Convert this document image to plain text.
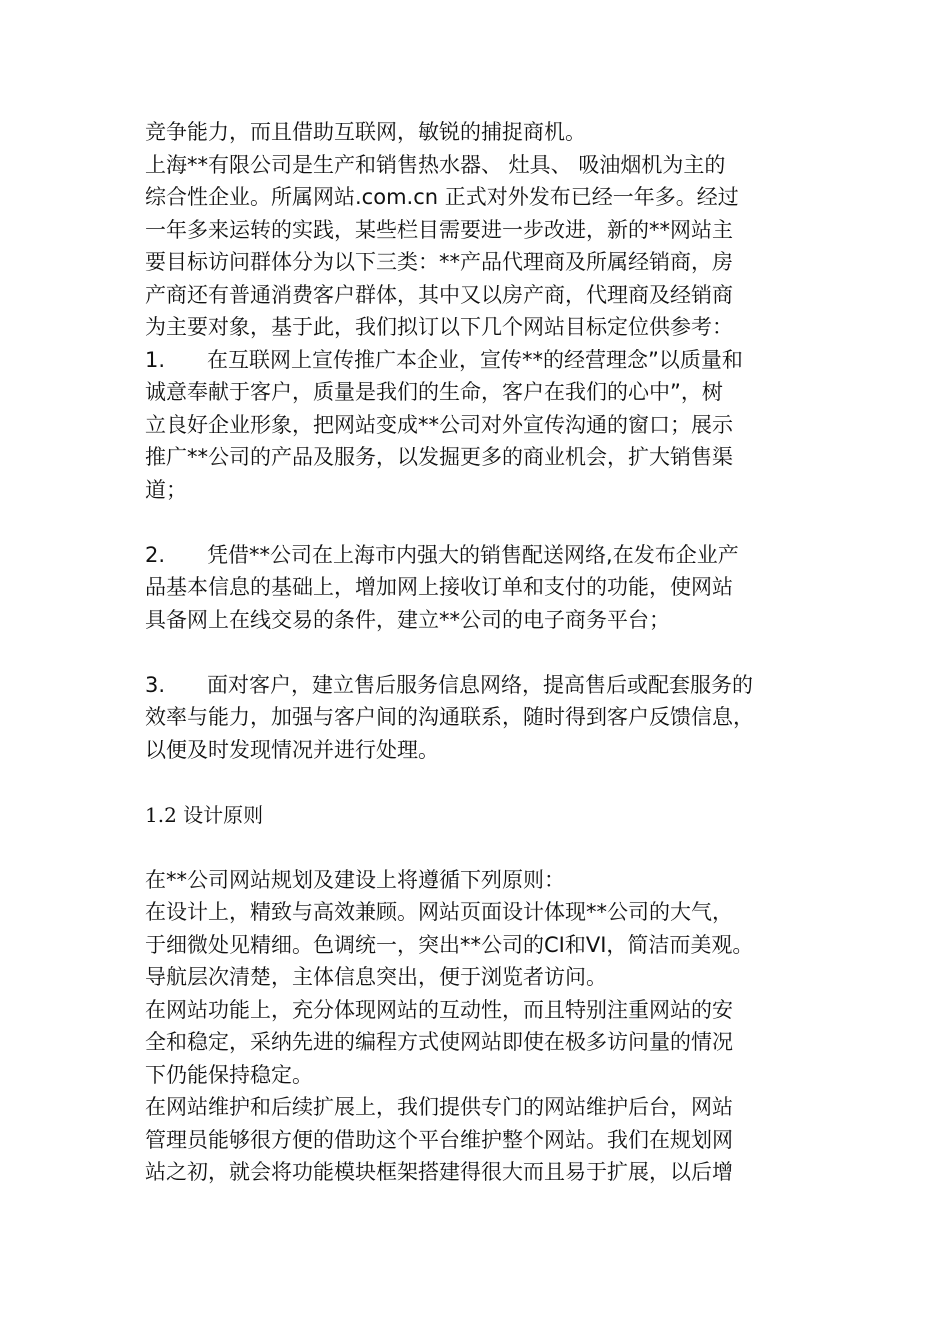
竞争能力，而且借助互联网，敏锐的捕捉商机。
上海**有限公司是生产和销售热水器、 灶具、 吸油烟机为主的
综合性企业。所属网站.com.cn 正式对外发布已经一年多。经过
一年多来运转的实践，某些栏目需要进一步改进，新的**网站主
要目标访问群体分为以下三类：**产品代理商及所属经销商，房
产商还有普通消费客户群体，其中又以房产商，代理商及经销商
为主要对象，基于此，我们拟订以下几个网站目标定位供参考：
1.　　在互联网上宣传推广本企业，宣传**的经营理念”以质量和
诚意奉献于客户，质量是我们的生命，客户在我们的心中”，树
立良好企业形象，把网站变成**公司对外宣传沟通的窗口；展示
推广**公司的产品及服务，以发掘更多的商业机会，扩大销售渠
道；
2.　　凭借**公司在上海市内强大的销售配送网络,在发布企业产
品基本信息的基础上，增加网上接收订单和支付的功能，使网站
具备网上在线交易的条件，建立**公司的电子商务平台；
3.　　面对客户，建立售后服务信息网络，提高售后或配套服务的
效率与能力，加强与客户间的沟通联系，随时得到客户反馈信息，
以便及时发现情况并进行处理。
1.2 设计原则
在**公司网站规划及建设上将遵循下列原则：
在设计上，精致与高效兼顾。网站页面设计体现**公司的大气，
于细微处见精细。色调统一，突出**公司的CI和VI，简洁而美观。
导航层次清楚，主体信息突出，便于浏览者访问。
在网站功能上，充分体现网站的互动性，而且特别注重网站的安
全和稳定，采纳先进的编程方式使网站即使在极多访问量的情况
下仍能保持稳定。
在网站维护和后续扩展上，我们提供专门的网站维护后台，网站
管理员能够很方便的借助这个平台维护整个网站。我们在规划网
站之初，就会将功能模块框架搭建得很大而且易于扩展，以后增
